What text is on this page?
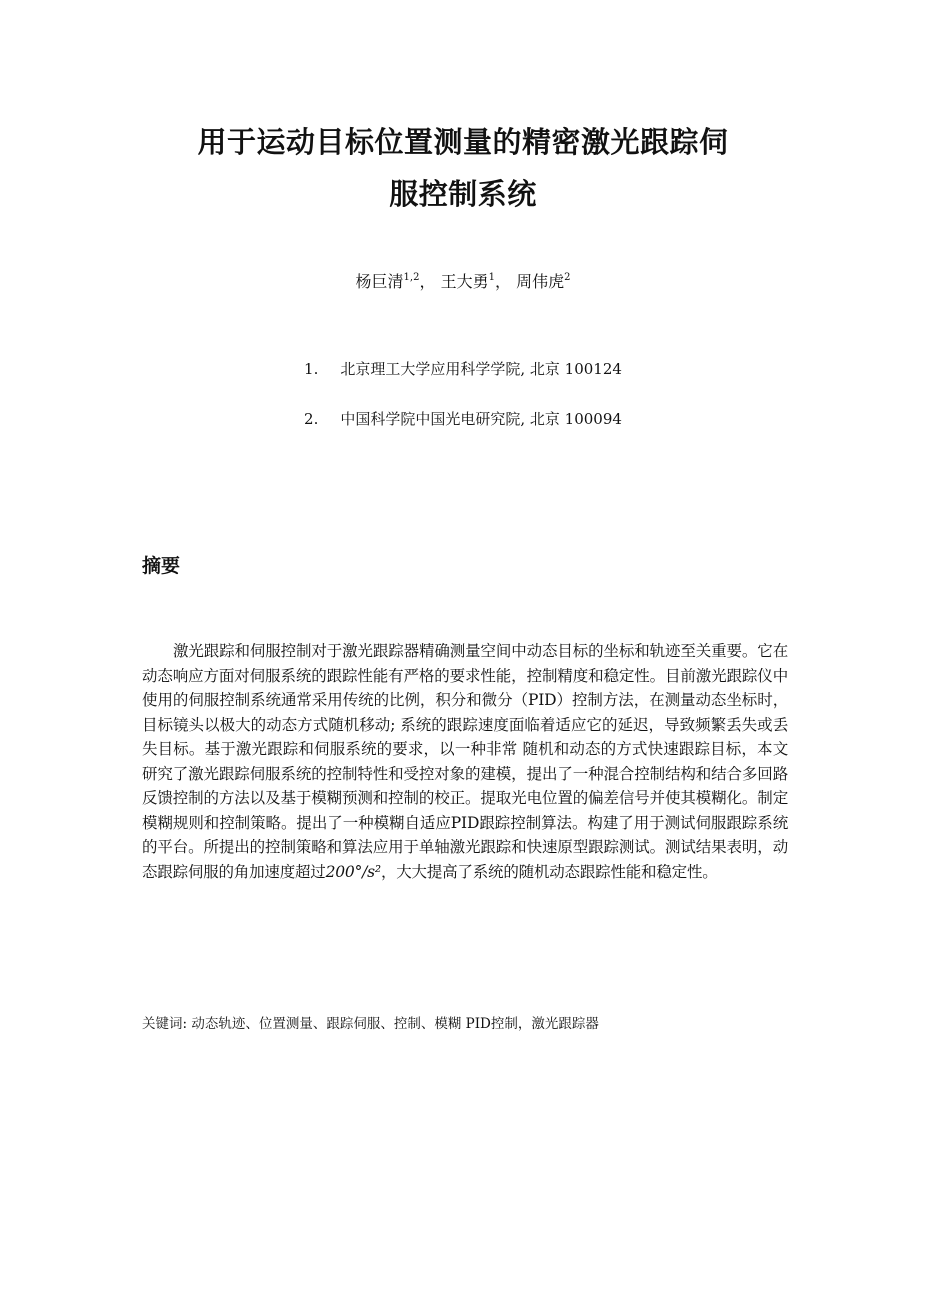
用于运动目标位置测量的精密激光跟踪伺
服控制系统
杨巨清$^{1,2}$， 王大勇$^1$， 周伟虎$^2$
1. 北京理工大学应用科学学院, 北京 100124
2. 中国科学院中国光电研究院, 北京 100094
摘要

激光跟踪和伺服控制对于激光跟踪器精确测量空间中动态目标的坐标和轨迹至关重要。它在动态响应方面对伺服系统的跟踪性能有严格的要求性能，控制精度和稳定性。目前激光跟踪仪中使用的伺服控制系统通常采用传统的比例，积分和微分（PID）控制方法，在测量动态坐标时，目标镜头以极大的动态方式随机移动; 系统的跟踪速度面临着适应它的延迟，导致频繁丢失或丢失目标。基于激光跟踪和伺服系统的要求，以一种非常 随机和动态的方式快速跟踪目标，本文研究了激光跟踪伺服系统的控制特性和受控对象的建模，提出了一种混合控制结构和结合多回路反馈控制的方法以及基于模糊预测和控制的校正。提取光电位置的偏差信号并使其模糊化。制定模糊规则和控制策略。提出了一种模糊自适应PID跟踪控制算法。构建了用于测试伺服跟踪系统的平台。所提出的控制策略和算法应用于单轴激光跟踪和快速原型跟踪测试。测试结果表明，动态跟踪伺服的角加速度超过200°/s²，大大提高了系统的随机动态跟踪性能和稳定性。

关键词: 动态轨迹、位置测量、跟踪伺服、控制、模糊 PID控制，激光跟踪器
